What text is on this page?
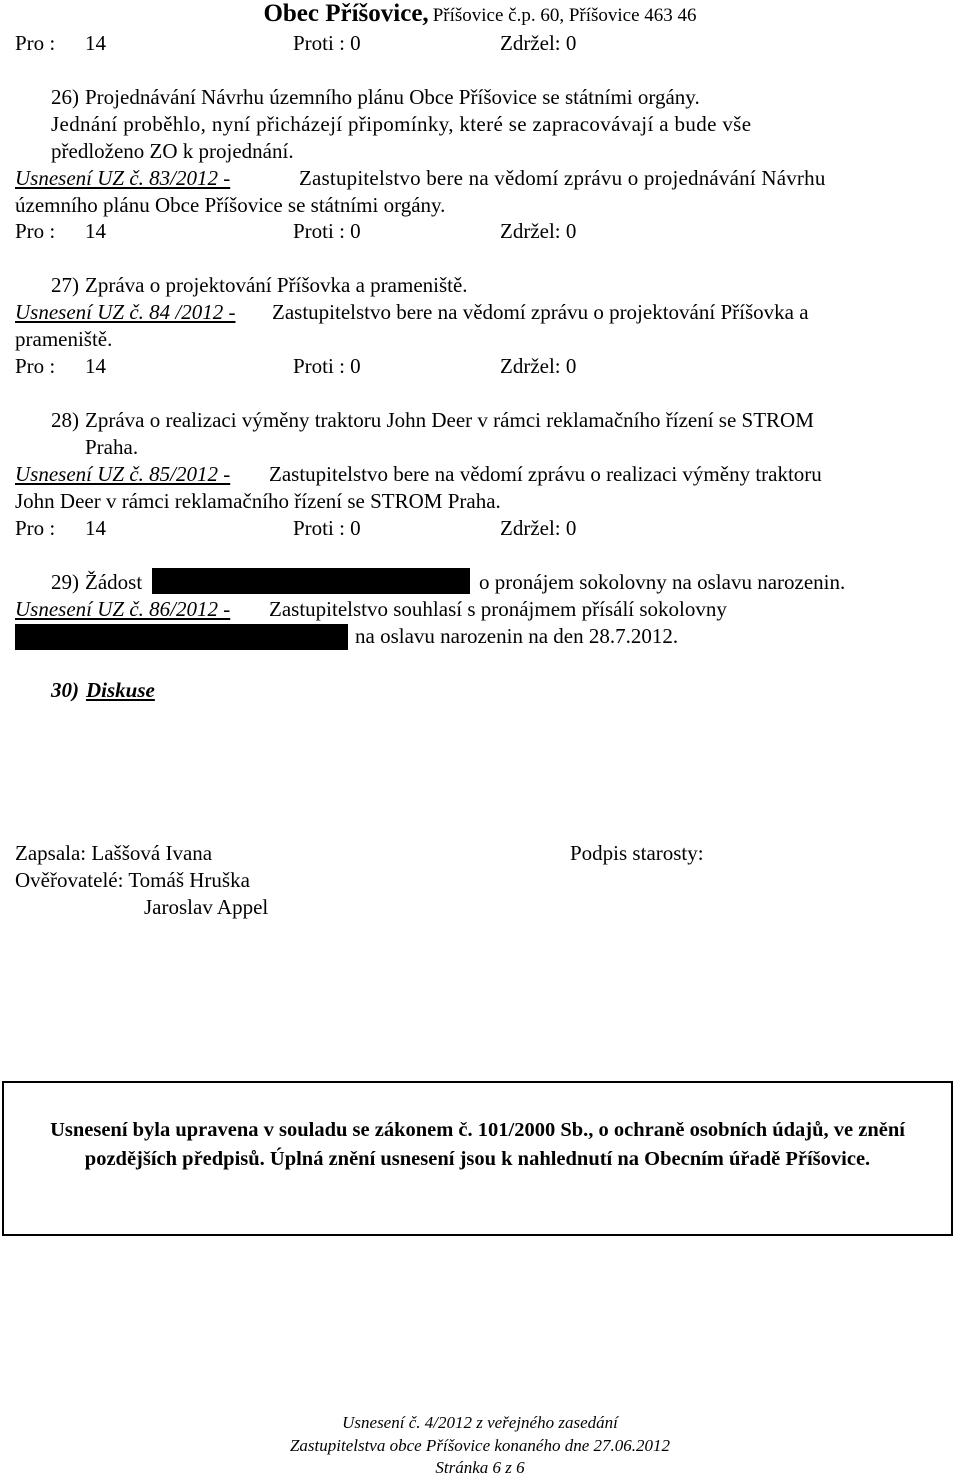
Obec Příšovice, Příšovice č.p. 60, Příšovice 463 46
Pro : 14	Proti : 0	Zdržel: 0
26) Projednávání Návrhu územního plánu Obce Příšovice se státními orgány.
Jednání proběhlo, nyní přicházejí připomínky, které se zapracovávají a bude vše
předloženo ZO k projednání.
Usnesení UZ č. 83/2012 -	Zastupitelstvo bere na vědomí zprávu o projednávání Návrhu
územního plánu Obce Příšovice se státními orgány.
Pro : 14	Proti : 0	Zdržel: 0
27) Zpráva o projektování Příšovka a prameniště.
Usnesení UZ č. 84 /2012 - Zastupitelstvo bere na vědomí zprávu o projektování Příšovka a
prameniště.
Pro : 14	Proti : 0	Zdržel: 0
28) Zpráva o realizaci výměny traktoru John Deer v rámci reklamačního řízení se STROM
Praha.
Usnesení UZ č. 85/2012 - Zastupitelstvo bere na vědomí zprávu o realizaci výměny traktoru
John Deer v rámci reklamačního řízení se STROM Praha.
Pro : 14	Proti : 0	Zdržel: 0
29) Žádost	o pronájem sokolovny na oslavu narozenin.
Usnesení UZ č. 86/2012 - Zastupitelstvo souhlasí s pronájmem přísálí sokolovny
na oslavu narozenin na den 28.7.2012.
30) Diskuse
Zapsala: Laššová Ivana	Podpis starosty:
Ověřovatelé: Tomáš Hruška
Jaroslav Appel

Usnesení byla upravena v souladu se zákonem č. 101/2000 Sb., o ochraně osobních údajů, ve znění pozdějších předpisů. Úplná znění usnesení jsou k nahlednutí na Obecním úřadě Příšovice.

Usnesení č. 4/2012 z veřejného zasedání
Zastupitelstva obce Příšovice konaného dne 27.06.2012
Stránka 6 z 6
